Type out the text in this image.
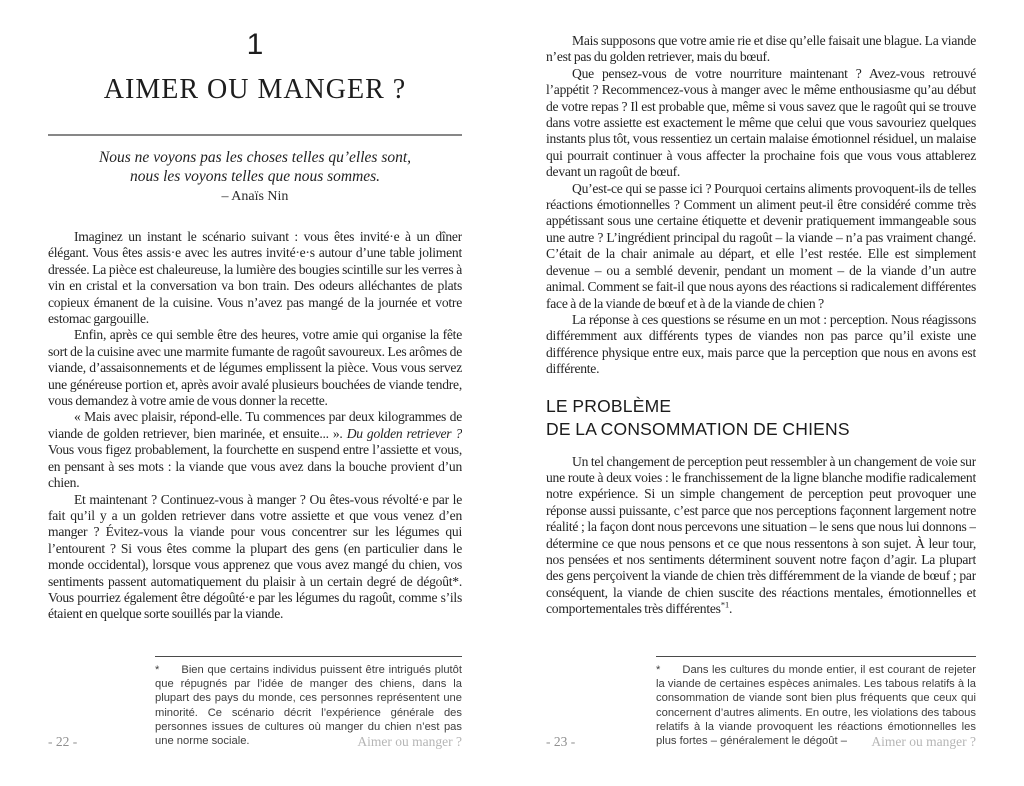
1
AIMER OU MANGER ?
Nous ne voyons pas les choses telles qu’elles sont,
nous les voyons telles que nous sommes.
– Anaïs Nin

Imaginez un instant le scénario suivant : vous êtes invité·e à un dîner élégant. Vous êtes assis·e avec les autres invité·e·s autour d’une table joliment dressée. La pièce est chaleureuse, la lumière des bougies scintille sur les verres à vin en cristal et la conversation va bon train. Des odeurs alléchantes de plats copieux émanent de la cuisine. Vous n’avez pas mangé de la journée et votre estomac gargouille.

Enfin, après ce qui semble être des heures, votre amie qui organise la fête sort de la cuisine avec une marmite fumante de ragoût savoureux. Les arômes de viande, d’assaisonnements et de légumes emplissent la pièce. Vous vous servez une généreuse portion et, après avoir avalé plusieurs bouchées de viande tendre, vous demandez à votre amie de vous donner la recette.

« Mais avec plaisir, répond-elle. Tu commences par deux kilogrammes de viande de golden retriever, bien marinée, et ensuite... ». Du golden retriever ? Vous vous figez probablement, la fourchette en suspend entre l’assiette et vous, en pensant à ses mots : la viande que vous avez dans la bouche provient d’un chien.

Et maintenant ? Continuez-vous à manger ? Ou êtes-vous révolté·e par le fait qu’il y a un golden retriever dans votre assiette et que vous venez d’en manger ? Évitez-vous la viande pour vous concentrer sur les légumes qui l’entourent ? Si vous êtes comme la plupart des gens (en particulier dans le monde occidental), lorsque vous apprenez que vous avez mangé du chien, vos sentiments passent automatiquement du plaisir à un certain degré de dégoût*. Vous pourriez également être dégoûté·e par les légumes du ragoût, comme s’ils étaient en quelque sorte souillés par la viande.

* Bien que certains individus puissent être intrigués plutôt que répugnés par l’idée de manger des chiens, dans la plupart des pays du monde, ces personnes représentent une minorité. Ce scénario décrit l’expérience générale des personnes issues de cultures où manger du chien n’est pas une norme sociale.
- 22 -	Aimer ou manger ?

Mais supposons que votre amie rie et dise qu’elle faisait une blague. La viande n’est pas du golden retriever, mais du bœuf.

Que pensez-vous de votre nourriture maintenant ? Avez-vous retrouvé l’appétit ? Recommencez-vous à manger avec le même enthousiasme qu’au début de votre repas ? Il est probable que, même si vous savez que le ragoût qui se trouve dans votre assiette est exactement le même que celui que vous savouriez quelques instants plus tôt, vous ressentiez un certain malaise émotionnel résiduel, un malaise qui pourrait continuer à vous affecter la prochaine fois que vous vous attablerez devant un ragoût de bœuf.

Qu’est-ce qui se passe ici ? Pourquoi certains aliments provoquent-ils de telles réactions émotionnelles ? Comment un aliment peut-il être considéré comme très appétissant sous une certaine étiquette et devenir pratiquement immangeable sous une autre ? L’ingrédient principal du ragoût – la viande – n’a pas vraiment changé. C’était de la chair animale au départ, et elle l’est restée. Elle est simplement devenue – ou a semblé devenir, pendant un moment – de la viande d’un autre animal. Comment se fait-il que nous ayons des réactions si radicalement différentes face à de la viande de bœuf et à de la viande de chien ?

La réponse à ces questions se résume en un mot : perception. Nous réagissons différemment aux différents types de viandes non pas parce qu’il existe une différence physique entre eux, mais parce que la perception que nous en avons est différente.

LE PROBLÈME
DE LA CONSOMMATION DE CHIENS

Un tel changement de perception peut ressembler à un changement de voie sur une route à deux voies : le franchissement de la ligne blanche modifie radicalement notre expérience. Si un simple changement de perception peut provoquer une réponse aussi puissante, c’est parce que nos perceptions façonnent largement notre réalité ; la façon dont nous percevons une situation – le sens que nous lui donnons – détermine ce que nous pensons et ce que nous ressentons à son sujet. À leur tour, nos pensées et nos sentiments déterminent souvent notre façon d’agir. La plupart des gens perçoivent la viande de chien très différemment de la viande de bœuf ; par conséquent, la viande de chien suscite des réactions mentales, émotionnelles et comportementales très différentes$^{*1}$.

* Dans les cultures du monde entier, il est courant de rejeter la viande de certaines espèces animales. Les tabous relatifs à la consommation de viande sont bien plus fréquents que ceux qui concernent d’autres aliments. En outre, les violations des tabous relatifs à la viande provoquent les réactions émotionnelles les plus fortes – généralement le dégoût –
- 23 -	Aimer ou manger ?
